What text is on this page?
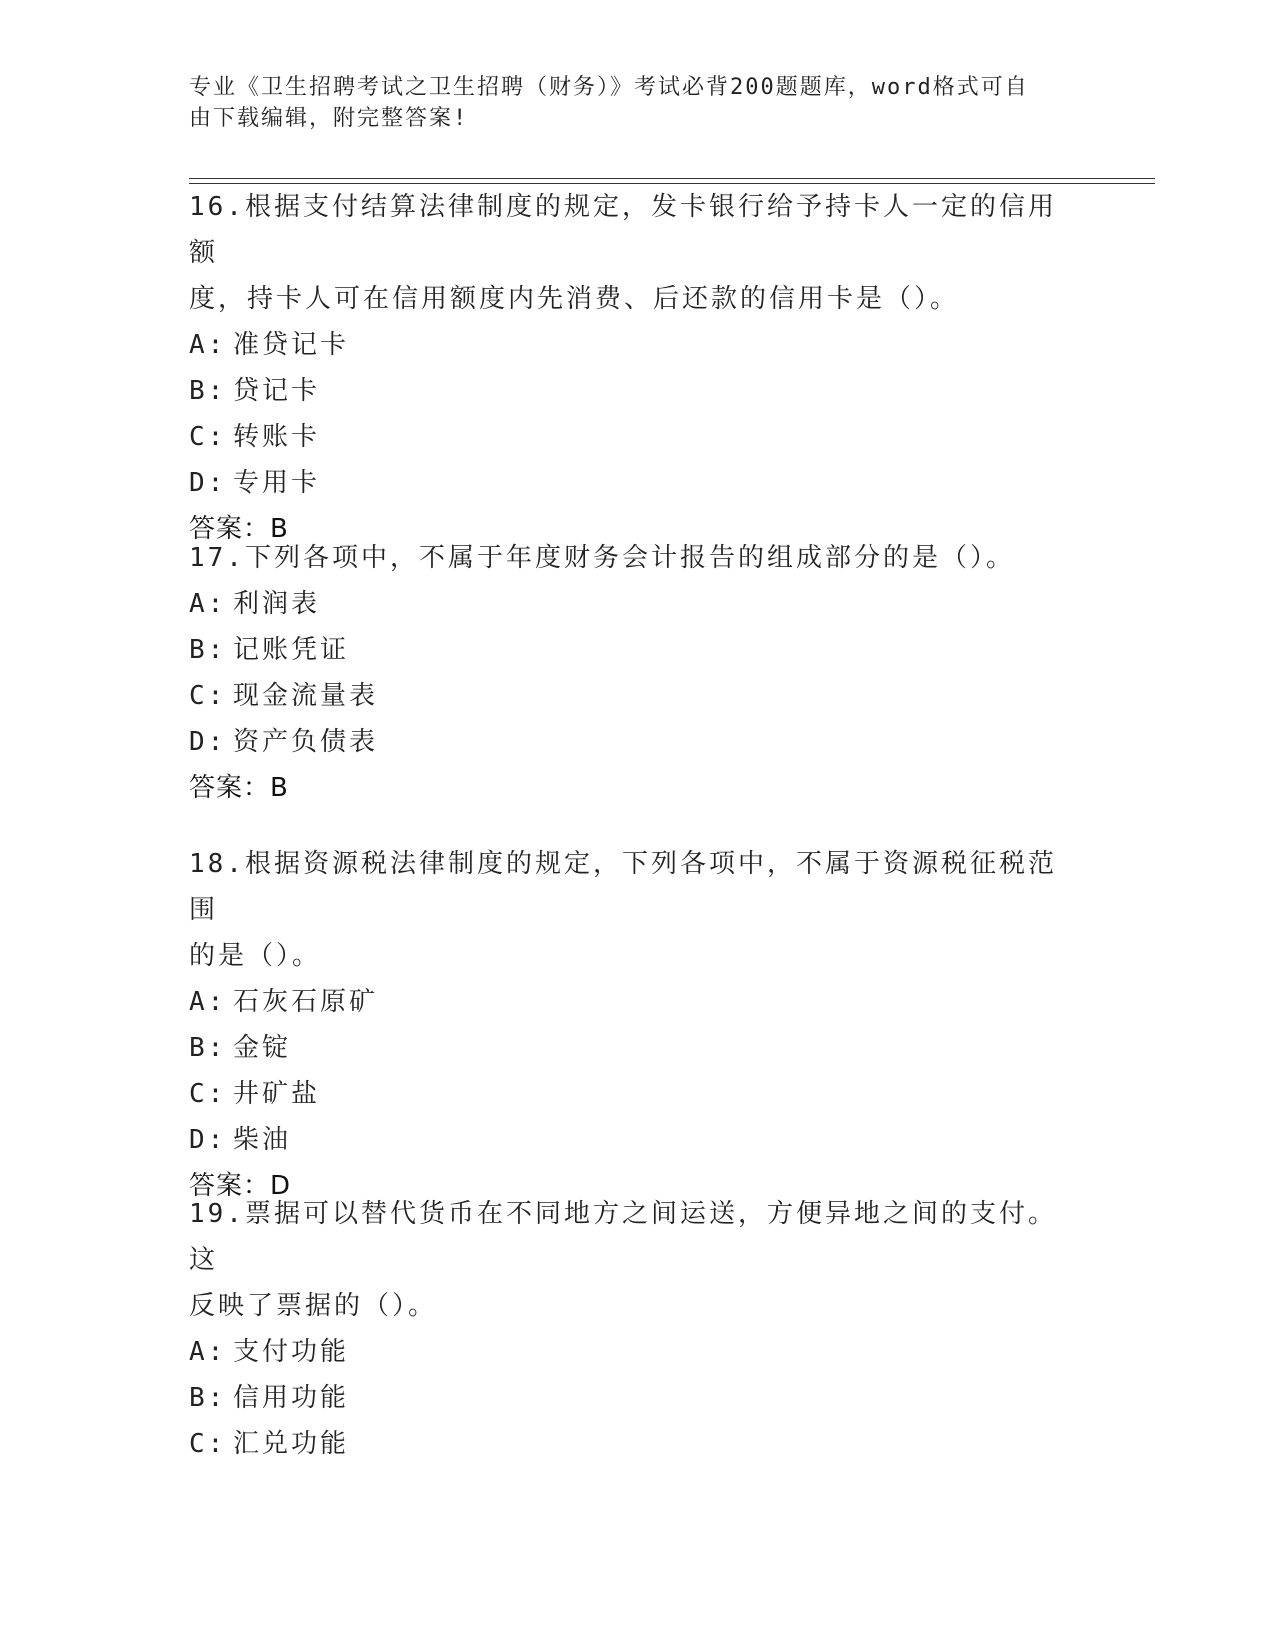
专业《卫生招聘考试之卫生招聘（财务）》考试必背200题题库，word格式可自
由下载编辑，附完整答案!

16.根据支付结算法律制度的规定，发卡银行给予持卡人一定的信用额

度，持卡人可在信用额度内先消费、后还款的信用卡是（）。

A: 准贷记卡

B: 贷记卡

C: 转账卡

D: 专用卡

答案：B

17.下列各项中，不属于年度财务会计报告的组成部分的是（）。

A: 利润表

B: 记账凭证

C: 现金流量表

D: 资产负债表

答案：B

18.根据资源税法律制度的规定，下列各项中，不属于资源税征税范围

的是（）。

A: 石灰石原矿

B: 金锭

C: 井矿盐

D: 柴油

答案：D

19.票据可以替代货币在不同地方之间运送，方便异地之间的支付。这

反映了票据的（）。

A: 支付功能

B: 信用功能

C: 汇兑功能
